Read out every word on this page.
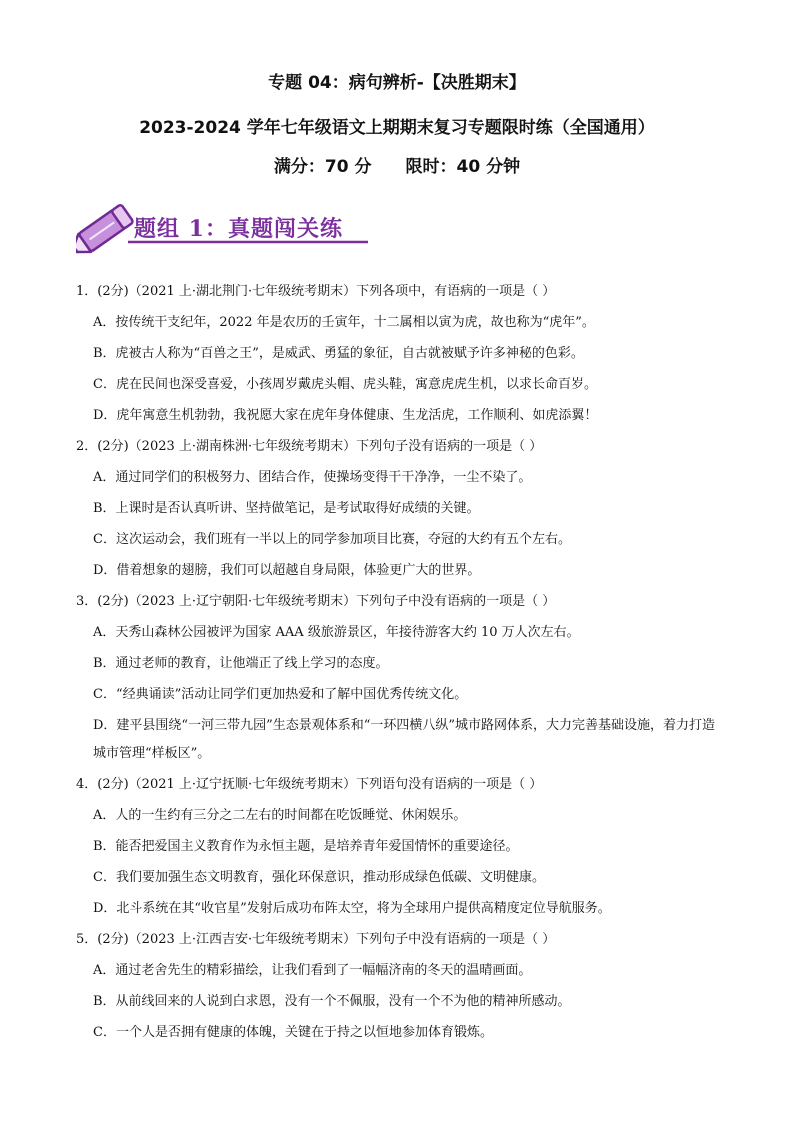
专题 04：病句辨析-【决胜期末】
2023-2024 学年七年级语文上期期末复习专题限时练（全国通用）
满分：70 分 限时：40 分钟
题组 1：真题闯关练
1．(2分)（2021 上·湖北荆门·七年级统考期末）下列各项中，有语病的一项是（ ）
A．按传统干支纪年，2022 年是农历的壬寅年，十二属相以寅为虎，故也称为“虎年”。
B．虎被古人称为“百兽之王”，是威武、勇猛的象征，自古就被赋予许多神秘的色彩。
C．虎在民间也深受喜爱，小孩周岁戴虎头帽、虎头鞋，寓意虎虎生机，以求长命百岁。
D．虎年寓意生机勃勃，我祝愿大家在虎年身体健康、生龙活虎，工作顺利、如虎添翼！
2．(2分)（2023 上·湖南株洲·七年级统考期末）下列句子没有语病的一项是（ ）
A．通过同学们的积极努力、团结合作，使操场变得干干净净，一尘不染了。
B．上课时是否认真听讲、坚持做笔记，是考试取得好成绩的关键。
C．这次运动会，我们班有一半以上的同学参加项目比赛，夺冠的大约有五个左右。
D．借着想象的翅膀，我们可以超越自身局限，体验更广大的世界。
3．(2分)（2023 上·辽宁朝阳·七年级统考期末）下列句子中没有语病的一项是（ ）
A．天秀山森林公园被评为国家 AAA 级旅游景区，年接待游客大约 10 万人次左右。
B．通过老师的教育，让他端正了线上学习的态度。
C．“经典诵读”活动让同学们更加热爱和了解中国优秀传统文化。
D．建平县围绕“一河三带九园”生态景观体系和“一环四横八纵”城市路网体系，大力完善基础设施，着力打造城市管理“样板区”。
4．(2分)（2021 上·辽宁抚顺·七年级统考期末）下列语句没有语病的一项是（ ）
A．人的一生约有三分之二左右的时间都在吃饭睡觉、休闲娱乐。
B．能否把爱国主义教育作为永恒主题，是培养青年爱国情怀的重要途径。
C．我们要加强生态文明教育，强化环保意识，推动形成绿色低碳、文明健康。
D．北斗系统在其“收官星”发射后成功布阵太空，将为全球用户提供高精度定位导航服务。
5．(2分)（2023 上·江西吉安·七年级统考期末）下列句子中没有语病的一项是（ ）
A．通过老舍先生的精彩描绘，让我们看到了一幅幅济南的冬天的温晴画面。
B．从前线回来的人说到白求恩，没有一个不佩服，没有一个不为他的精神所感动。
C．一个人是否拥有健康的体魄，关键在于持之以恒地参加体育锻炼。
